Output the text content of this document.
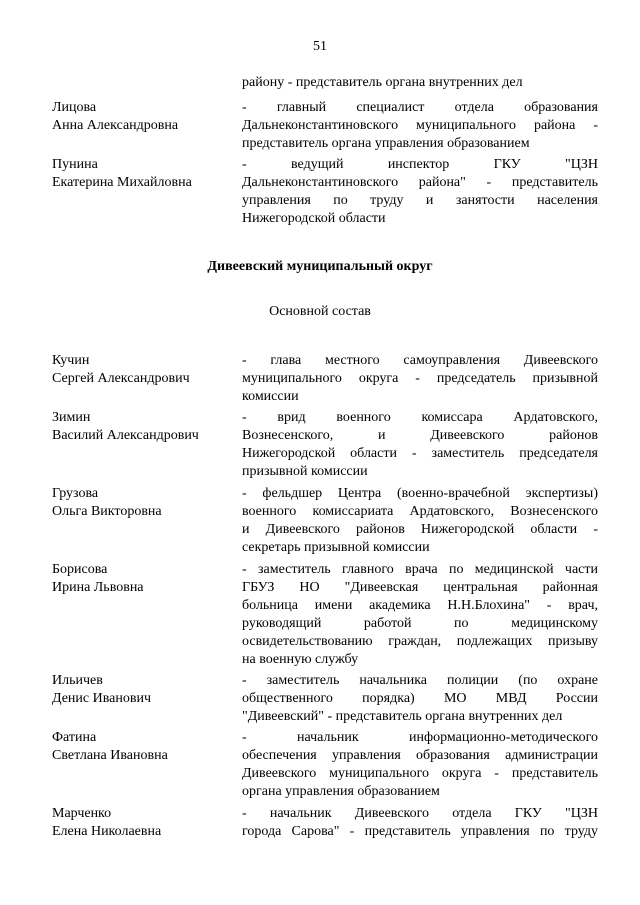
51
району - представитель органа внутренних дел
Лицова
Анна Александровна
- главный специалист отдела образования
Дальнеконстантиновского муниципального района -
представитель органа управления образованием
Пунина
Екатерина Михайловна
- ведущий инспектор ГКУ "ЦЗН
Дальнеконстантиновского района" - представитель
управления по труду и занятости населения
Нижегородской области
Дивеевский муниципальный округ
Основной состав
Кучин
Сергей Александрович
- глава местного самоуправления Дивеевского
муниципального округа - председатель призывной
комиссии
Зимин
Василий Александрович
- врид военного комиссара Ардатовского,
Вознесенского, и Дивеевского районов
Нижегородской области - заместитель председателя
призывной комиссии
Грузова
Ольга Викторовна
- фельдшер Центра (военно-врачебной экспертизы)
военного комиссариата Ардатовского, Вознесенского
и Дивеевского районов Нижегородской области -
секретарь призывной комиссии
Борисова
Ирина Львовна
- заместитель главного врача по медицинской части
ГБУЗ НО "Дивеевская центральная районная
больница имени академика Н.Н.Блохина" - врач,
руководящий работой по медицинскому
освидетельствованию граждан, подлежащих призыву
на военную службу
Ильичев
Денис Иванович
- заместитель начальника полиции (по охране
общественного порядка) МО МВД России
"Дивеевский" - представитель органа внутренних дел
Фатина
Светлана Ивановна
- начальник информационно-методического
обеспечения управления образования администрации
Дивеевского муниципального округа - представитель
органа управления образованием
Марченко
Елена Николаевна
- начальник Дивеевского отдела ГКУ "ЦЗН
города Сарова" - представитель управления по труду
